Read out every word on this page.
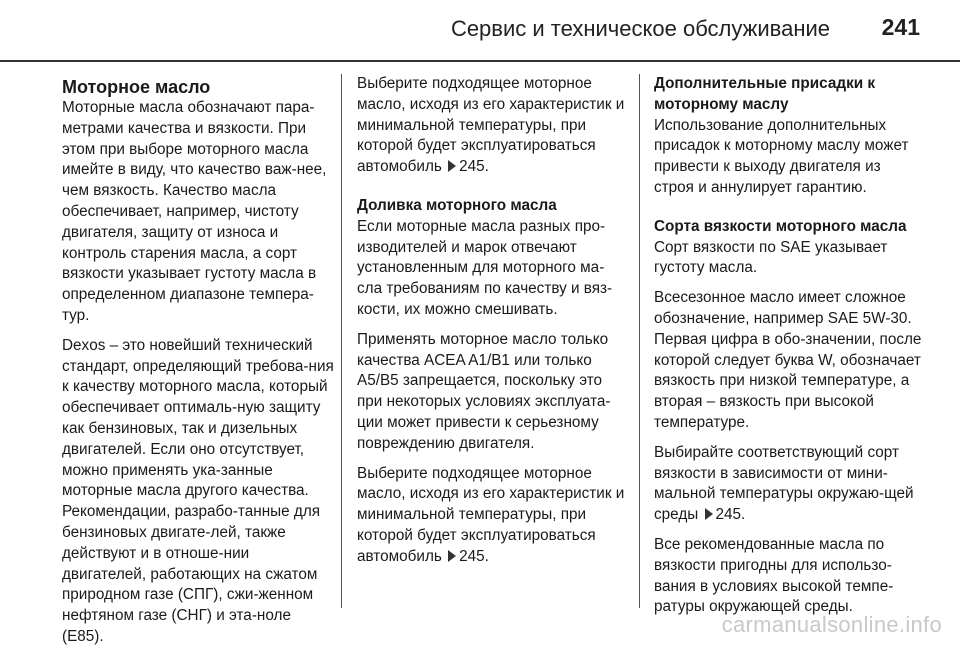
Сервис и техническое обслуживание 241
Моторное масло

Моторные масла обозначают пара-метрами качества и вязкости. При этом при выборе моторного масла имейте в виду, что качество важ-нее, чем вязкость. Качество масла обеспечивает, например, чистоту двигателя, защиту от износа и контроль старения масла, а сорт вязкости указывает густоту масла в определенном диапазоне темпера-тур.

Dexos – это новейший технический стандарт, определяющий требова-ния к качеству моторного масла, который обеспечивает оптималь-ную защиту как бензиновых, так и дизельных двигателей. Если оно отсутствует, можно применять ука-занные моторные масла другого качества. Рекомендации, разрабо-танные для бензиновых двигате-лей, также действуют и в отноше-нии двигателей, работающих на сжатом природном газе (СПГ), сжи-женном нефтяном газе (СНГ) и эта-ноле (E85).

Выберите подходящее моторное масло, исходя из его характеристик и минимальной температуры, при которой будет эксплуатироваться автомобиль 245.

Доливка моторного масла

Если моторные масла разных про-изводителей и марок отвечают установленным для моторного ма-сла требованиям по качеству и вяз-кости, их можно смешивать.

Применять моторное масло только качества ACEA A1/B1 или только A5/B5 запрещается, поскольку это при некоторых условиях эксплуата-ции может привести к серьезному повреждению двигателя.

Выберите подходящее моторное масло, исходя из его характеристик и минимальной температуры, при которой будет эксплуатироваться автомобиль 245.

Дополнительные присадки к моторному маслу

Использование дополнительных присадок к моторному маслу может привести к выходу двигателя из строя и аннулирует гарантию.

Сорта вязкости моторного масла

Сорт вязкости по SAE указывает густоту масла.

Всесезонное масло имеет сложное обозначение, например SAE 5W-30. Первая цифра в обо-значении, после которой следует буква W, обозначает вязкость при низкой температуре, а вторая – вязкость при высокой температуре.

Выбирайте соответствующий сорт вязкости в зависимости от мини-мальной температуры окружаю-щей среды 245.

Все рекомендованные масла по вязкости пригодны для использо-вания в условиях высокой темпе-ратуры окружающей среды.

carmanualsonline.info
